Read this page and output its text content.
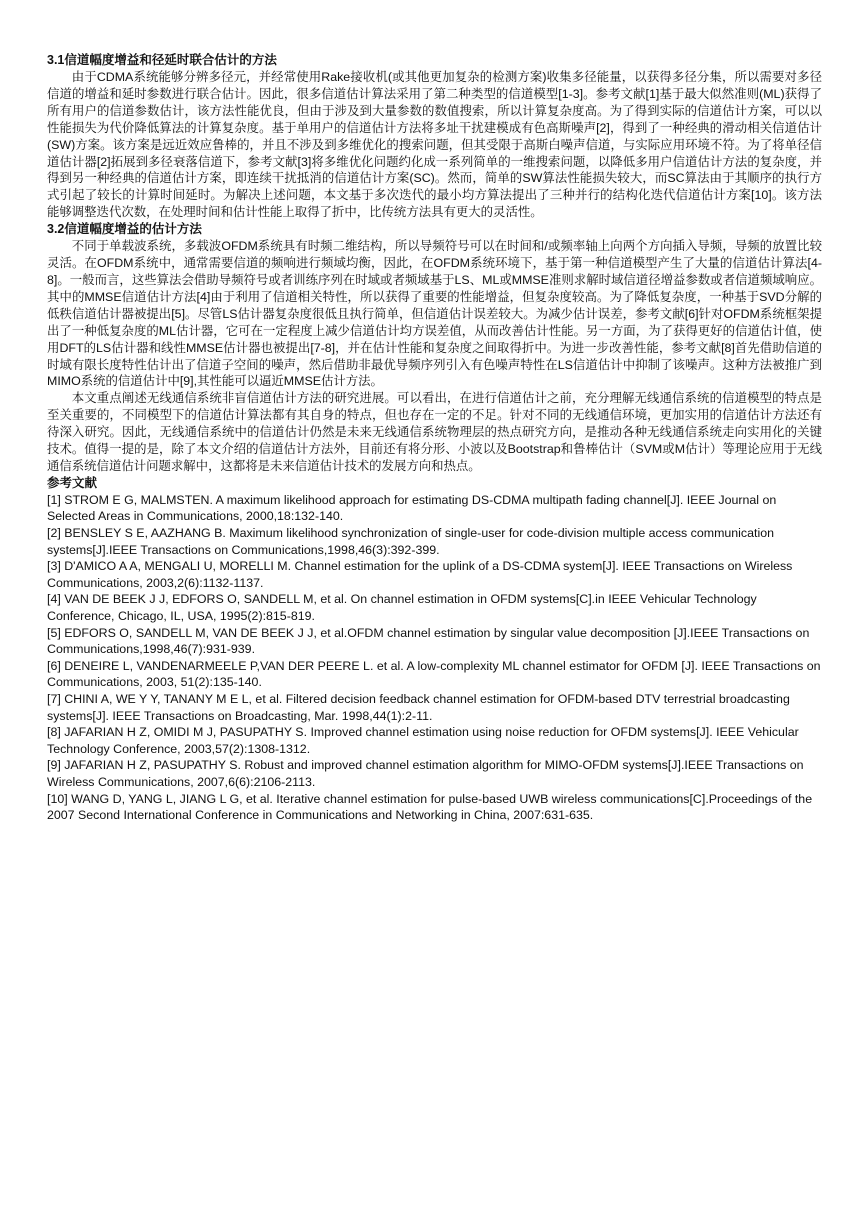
3.1信道幅度增益和径延时联合估计的方法

由于CDMA系统能够分辨多径元，并经常使用Rake接收机(或其他更加复杂的检测方案)收集多径能量，以获得多径分集，所以需要对多径信道的增益和延时参数进行联合估计。因此，很多信道估计算法采用了第二种类型的信道模型[1-3]。参考文献[1]基于最大似然准则(ML)获得了所有用户的信道参数估计，该方法性能优良，但由于涉及到大量参数的数值搜索，所以计算复杂度高。为了得到实际的信道估计方案，可以以性能损失为代价降低算法的计算复杂度。基于单用户的信道估计方法将多址干扰建模成有色高斯噪声[2]，得到了一种经典的滑动相关信道估计(SW)方案。该方案是远近效应鲁棒的，并且不涉及到多维优化的搜索问题，但其受限于高斯白噪声信道，与实际应用环境不符。为了将单径信道估计器[2]拓展到多径衰落信道下，参考文献[3]将多维优化问题约化成一系列简单的一维搜索问题，以降低多用户信道估计方法的复杂度，并得到另一种经典的信道估计方案，即连续干扰抵消的信道估计方案(SC)。然而，简单的SW算法性能损失较大，而SC算法由于其顺序的执行方式引起了较长的计算时间延时。为解决上述问题，本文基于多次迭代的最小均方算法提出了三种并行的结构化迭代信道估计方案[10]。该方法能够调整迭代次数，在处理时间和估计性能上取得了折中，比传统方法具有更大的灵活性。

3.2信道幅度增益的估计方法

不同于单载波系统，多载波OFDM系统具有时频二维结构，所以导频符号可以在时间和/或频率轴上向两个方向插入导频，导频的放置比较灵活。在OFDM系统中，通常需要信道的频响进行频域均衡，因此，在OFDM系统环境下，基于第一种信道模型产生了大量的信道估计算法[4-8]。一般而言，这些算法会借助导频符号或者训练序列在时域或者频域基于LS、ML或MMSE准则求解时域信道径增益参数或者信道频域响应。其中的MMSE信道估计方法[4]由于利用了信道相关特性，所以获得了重要的性能增益，但复杂度较高。为了降低复杂度，一种基于SVD分解的低秩信道估计器被提出[5]。尽管LS估计器复杂度很低且执行简单，但信道估计误差较大。为减少估计误差，参考文献[6]针对OFDM系统框架提出了一种低复杂度的ML估计器，它可在一定程度上减少信道估计均方误差值，从而改善估计性能。另一方面，为了获得更好的信道估计值，使用DFT的LS估计器和线性MMSE估计器也被提出[7-8]，并在估计性能和复杂度之间取得折中。为进一步改善性能，参考文献[8]首先借助信道的时域有限长度特性估计出了信道子空间的噪声，然后借助非最优导频序列引入有色噪声特性在LS信道估计中抑制了该噪声。这种方法被推广到MIMO系统的信道估计中[9],其性能可以逼近MMSE估计方法。

本文重点阐述无线通信系统非盲信道估计方法的研究进展。可以看出，在进行信道估计之前，充分理解无线通信系统的信道模型的特点是至关重要的，不同模型下的信道估计算法都有其自身的特点，但也存在一定的不足。针对不同的无线通信环境，更加实用的信道估计方法还有待深入研究。因此，无线通信系统中的信道估计仍然是未来无线通信系统物理层的热点研究方向，是推动各种无线通信系统走向实用化的关键技术。值得一提的是，除了本文介绍的信道估计方法外，目前还有将分形、小波以及Bootstrap和鲁棒估计（SVM或M估计）等理论应用于无线通信系统信道估计问题求解中，这都将是未来信道估计技术的发展方向和热点。

参考文献

[1] STROM E G, MALMSTEN. A maximum likelihood approach for estimating DS-CDMA multipath fading channel[J]. IEEE Journal on Selected Areas in Communications, 2000,18:132-140.

[2] BENSLEY S E, AAZHANG B. Maximum likelihood synchronization of single-user for code-division multiple access communication systems[J].IEEE Transactions on Communications,1998,46(3):392-399.

[3] D'AMICO A A, MENGALI U, MORELLI M. Channel estimation for the uplink of a DS-CDMA system[J]. IEEE Transactions on Wireless Communications, 2003,2(6):1132-1137.

[4] VAN DE BEEK J J, EDFORS O, SANDELL M, et al. On channel estimation in OFDM systems[C].in IEEE Vehicular Technology Conference, Chicago, IL, USA, 1995(2):815-819.

[5] EDFORS O, SANDELL M, VAN DE BEEK J J, et al.OFDM channel estimation by singular value decomposition [J].IEEE Transactions on Communications,1998,46(7):931-939.

[6] DENEIRE L, VANDENARMEELE P,VAN DER PEERE L. et al. A low-complexity ML channel estimator for OFDM [J]. IEEE Transactions on Communications, 2003, 51(2):135-140.

[7] CHINI A, WE Y Y, TANANY M E L, et al. Filtered decision feedback channel estimation for OFDM-based DTV terrestrial broadcasting systems[J]. IEEE Transactions on Broadcasting, Mar. 1998,44(1):2-11.

[8] JAFARIAN H Z, OMIDI M J, PASUPATHY S. Improved channel estimation using noise reduction for OFDM systems[J]. IEEE Vehicular Technology Conference, 2003,57(2):1308-1312.

[9] JAFARIAN H Z, PASUPATHY S. Robust and improved channel estimation algorithm for MIMO-OFDM systems[J].IEEE Transactions on Wireless Communications, 2007,6(6):2106-2113.

[10] WANG D, YANG L, JIANG L G, et al. Iterative channel estimation for pulse-based UWB wireless communications[C].Proceedings of the 2007 Second International Conference in Communications and Networking in China, 2007:631-635.
